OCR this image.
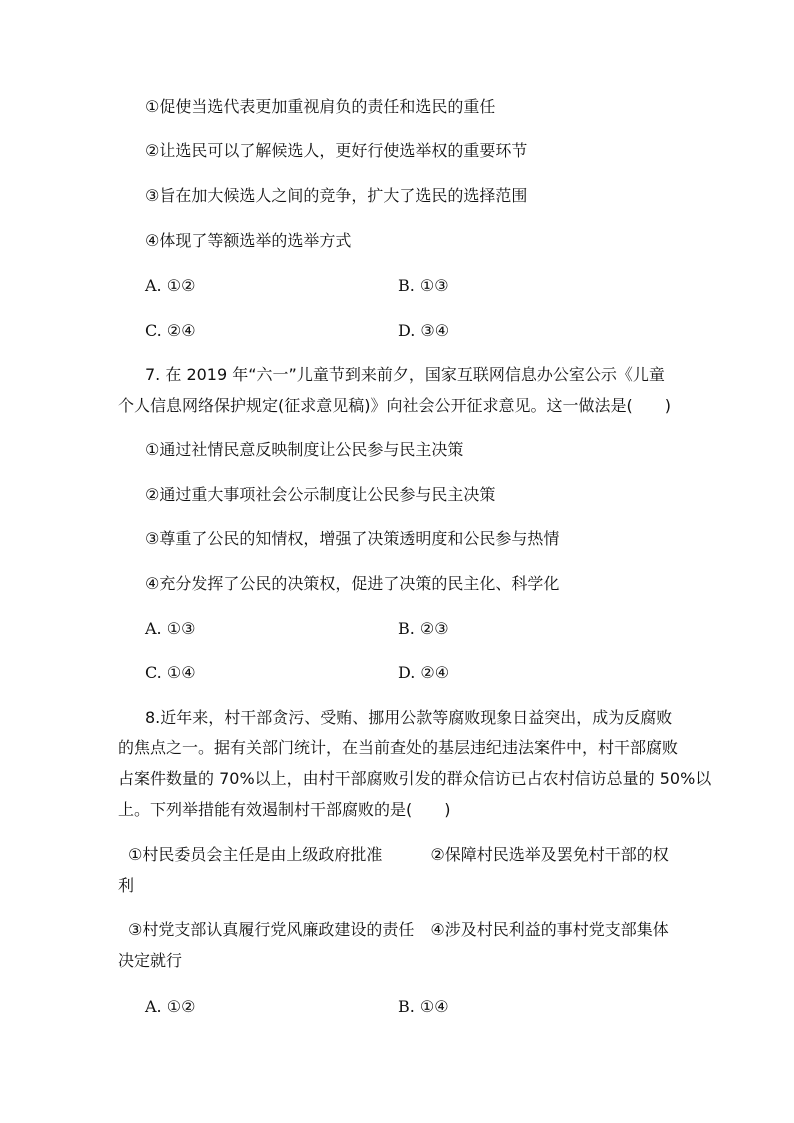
①促使当选代表更加重视肩负的责任和选民的重任
②让选民可以了解候选人，更好行使选举权的重要环节
③旨在加大候选人之间的竞争，扩大了选民的选择范围
④体现了等额选举的选举方式
A. ①②	B. ①③
C. ②④	D. ③④
7. 在 2019 年“六一”儿童节到来前夕，国家互联网信息办公室公示《儿童
个人信息网络保护规定(征求意见稿)》向社会公开征求意见。这一做法是(　　)
①通过社情民意反映制度让公民参与民主决策
②通过重大事项社会公示制度让公民参与民主决策
③尊重了公民的知情权，增强了决策透明度和公民参与热情
④充分发挥了公民的决策权，促进了决策的民主化、科学化
A. ①③	B. ②③
C. ①④	D. ②④
8.近年来，村干部贪污、受贿、挪用公款等腐败现象日益突出，成为反腐败
的焦点之一。据有关部门统计，在当前查处的基层违纪违法案件中，村干部腐败
占案件数量的 70%以上，由村干部腐败引发的群众信访已占农村信访总量的 50%以
上。下列举措能有效遏制村干部腐败的是(　　)
①村民委员会主任是由上级政府批准　　　②保障村民选举及罢免村干部的权
利
③村党支部认真履行党风廉政建设的责任　④涉及村民利益的事村党支部集体
决定就行
A. ①②	B. ①④
